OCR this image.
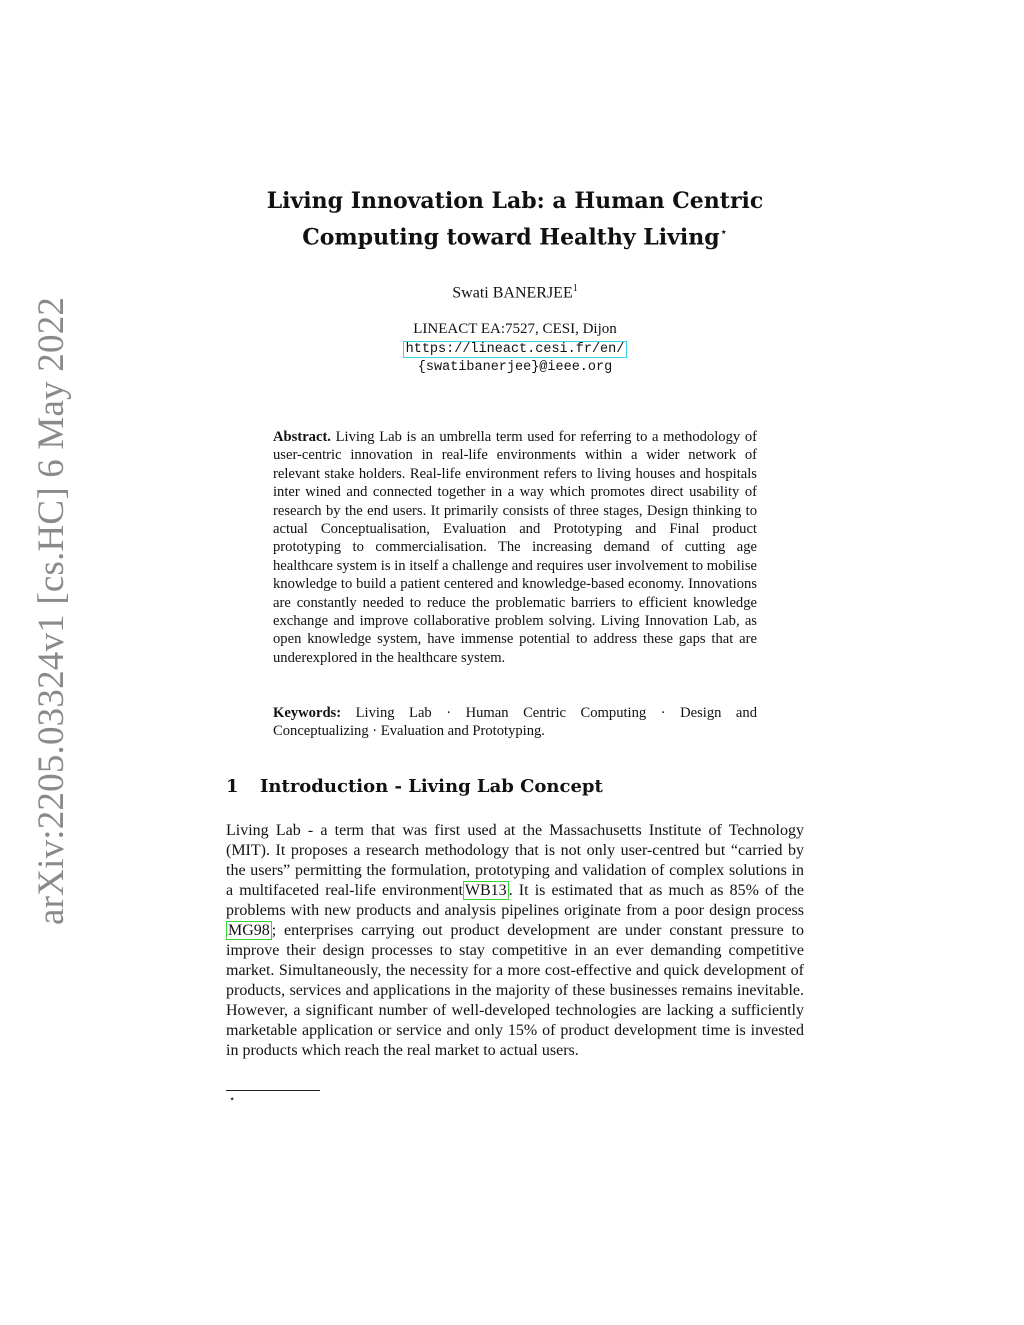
arXiv:2205.03324v1 [cs.HC] 6 May 2022
Living Innovation Lab: a Human Centric
Computing toward Healthy Living⋆
Swati BANERJEE$^1$
LINEACT EA:7527, CESI, Dijon
https://lineact.cesi.fr/en/
{swatibanerjee}@ieee.org
Abstract. Living Lab is an umbrella term used for referring to a methodology of user-centric innovation in real-life environments within a wider network of relevant stake holders. Real-life environment refers to living houses and hospitals inter wined and connected together in a way which promotes direct usability of research by the end users. It primarily consists of three stages, Design thinking to actual Conceptualisation, Evaluation and Prototyping and Final product prototyping to commercialisation. The increasing demand of cutting age healthcare system is in itself a challenge and requires user involvement to mobilise knowledge to build a patient centered and knowledge-based economy. Innovations are constantly needed to reduce the problematic barriers to efficient knowledge exchange and improve collaborative problem solving. Living Innovation Lab, as open knowledge system, have immense potential to address these gaps that are underexplored in the healthcare system.
Keywords: Living Lab · Human Centric Computing · Design and Conceptualizing · Evaluation and Prototyping.
1 Introduction - Living Lab Concept
Living Lab - a term that was first used at the Massachusetts Institute of Technology (MIT). It proposes a research methodology that is not only user-centred but “carried by the users” permitting the formulation, prototyping and validation of complex solutions in a multifaceted real-life environment WB13 . It is estimated that as much as 85% of the problems with new products and analysis pipelines originate from a poor design process MG98 ; enterprises carrying out product development are under constant pressure to improve their design processes to stay competitive in an ever demanding competitive market. Simultaneously, the necessity for a more cost-effective and quick development of products, services and applications in the majority of these businesses remains inevitable. However, a significant number of well-developed technologies are lacking a sufficiently marketable application or service and only 15% of product development time is invested in products which reach the real market to actual users.
⋆
